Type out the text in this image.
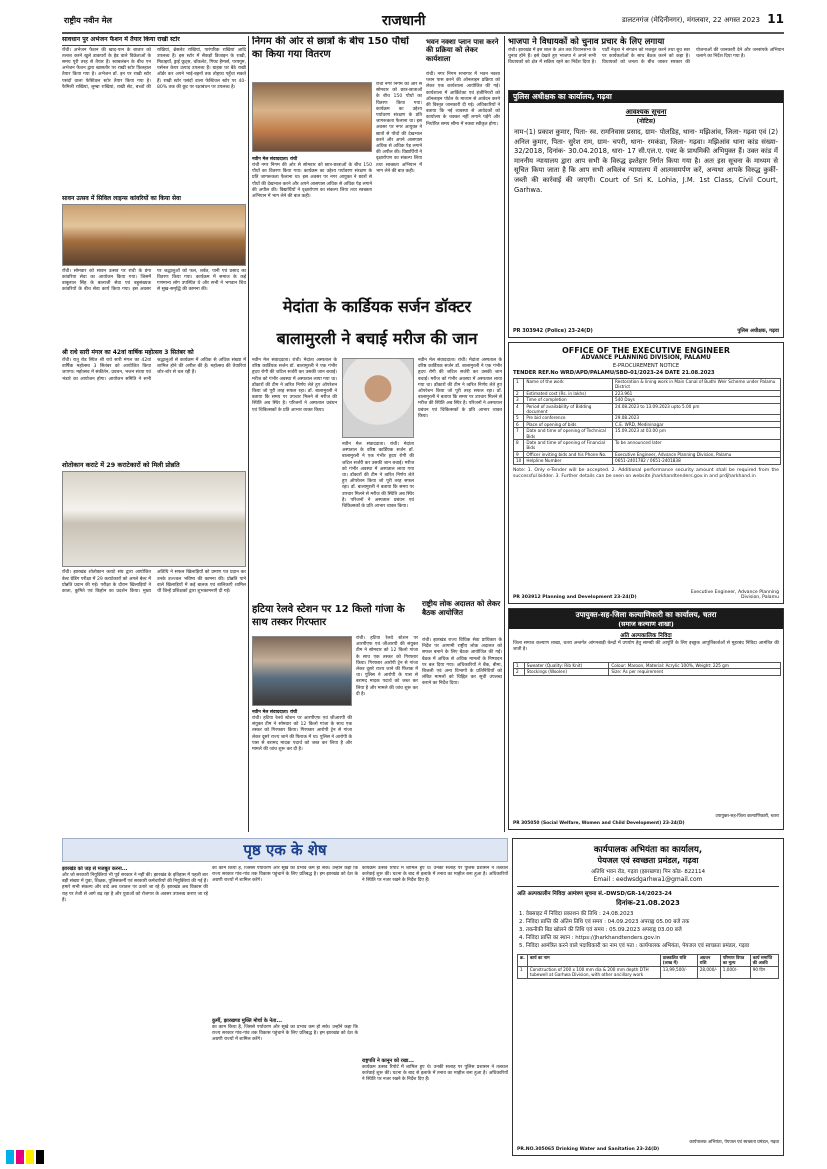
राष्ट्रीय नवीन मेल	राजधानी	डालटनगंज (मेदिनीनगर), मंगलवार, 22 अगस्त 2023 11
सावधान पुर अभेजन फैशन में तैयार किया राखी स्टोर
राँची। अभेजन फैशन की खाद-पान के बाजार को तलाश करने खुले डाकघरों के हेड वाले विक्रेताओं के समय पूरी तरह से तैयार हैं। स्वाबलंबन के बीच एन अभेजन फैशन द्वारा खासतौर पर राखी स्टोर फ़िलहाल तैयार किया गया है। अभेजन डॉ. इन पर राखी स्टोर पसंदों वाला फेस्टिवल स्टोर तैयार किया गया है। फैमिली राखियां, लुम्बा राखियां, राखी सेट, बच्चों की राखियां, ब्रेसलेट राखियां, पारंपरिक राखियां आदि उपलब्ध हैं। इस स्टोर में सैकड़ों डिजाइन के राखी, मिठाइयाँ, ड्राई फ्रूट्स, चॉकलेट, गिफ्ट हैम्पर्स, परफ्यूम, पर्सनल केयर उत्पाद उपलब्ध हैं। ग्राहक घर बैठे राखी ऑर्डर कर अपने भाई-बहनों तक तोहफ़ा पहुँचा सकते हैं। राखी स्टोर पसंदों वाला फेस्टिवल स्टोर पर 40-80% तक की छूट पर रक्षाबंधन पर उपलब्ध है।
सावन उत्सव में सिविल लाइन्स कांवरियों का किया सेवा
राँची। सोमवार को सावन उत्सव पर रांची के डंगा कांवरिया सेवा का आयोजन किया गया। जिसमें बाबूलाल सिंह के बालाजी सेवा एवं बहुसंख्यक कांवरियों के बीच सेवा कार्य किया गया। इस अवसर पर श्रद्धालुओं को फल, शर्बत, पानी एवं प्रसाद का वितरण किया गया। कार्यक्रम में समाज के कई गणमान्य लोग उपस्थित थे और सभी ने भगवान शिव से सुख-समृद्धि की कामना की।
श्री राधे सारी मंगल का 42वां वार्षिक महोत्सव 3 सितंबर को
राँची। रातू रोड स्थित श्री राधे सारी मंगल का 42वां वार्षिक महोत्सव 3 सितंबर को आयोजित किया जाएगा। महोत्सव में संकीर्तन, प्रवचन, भजन संध्या एवं भंडारे का आयोजन होगा। आयोजन समिति ने सभी श्रद्धालुओं से कार्यक्रम में अधिक से अधिक संख्या में शामिल होने की अपील की है। महोत्सव की तैयारियां जोर-शोर से चल रही हैं।
शोतोकान कराटे में 29 कराटेकारों को मिली प्रोन्नति
राँची। झारखंड शोतोकान कराटे संघ द्वारा आयोजित बेल्ट ग्रेडिंग परीक्षा में 29 कराटेकारों को अगले बेल्ट में प्रोन्नति प्रदान की गई। परीक्षा के दौरान खिलाड़ियों ने काता, कुमिते एवं किहोन का प्रदर्शन किया। मुख्य अतिथि ने सफल खिलाड़ियों को प्रमाण पत्र प्रदान कर उनके उज्ज्वल भविष्य की कामना की। प्रोन्नति पाने वाले खिलाड़ियों में कई बालक एवं बालिकाएँ शामिल थीं जिन्हें प्रशिक्षकों द्वारा शुभकामनाएँ दी गईं।
निगम की ओर से छात्रों के बीच 150 पौधों का किया गया वितरण
नवीन मेल संवाददाता। रांची
रांची नगर निगम की ओर से सोमवार को छात्र-छात्राओं के बीच 150 पौधों का वितरण किया गया। कार्यक्रम का उद्देश्य पर्यावरण संरक्षण के प्रति जागरूकता फैलाना था। इस अवसर पर नगर आयुक्त ने छात्रों से पौधों की देखभाल करने और अपने आसपास अधिक से अधिक पेड़ लगाने की अपील की। विद्यार्थियों ने वृक्षारोपण का संकल्प लिया तथा स्वच्छता अभियान में भाग लेने की बात कही।
रांची नगर निगम की ओर से सोमवार को छात्र-छात्राओं के बीच 150 पौधों का वितरण किया गया। कार्यक्रम का उद्देश्य पर्यावरण संरक्षण के प्रति जागरूकता फैलाना था। इस अवसर पर नगर आयुक्त ने छात्रों से पौधों की देखभाल करने और अपने आसपास अधिक से अधिक पेड़ लगाने की अपील की। विद्यार्थियों ने वृक्षारोपण का संकल्प लिया तथा स्वच्छता अभियान में भाग लेने की बात कही।
भवन नक्शा प्लान पास करने की प्रक्रिया को लेकर कार्यशाला
रांची। नगर निगम सभागार में भवन नक्शा प्लान पास करने की ऑनलाइन प्रक्रिया को लेकर एक कार्यशाला आयोजित की गई। कार्यशाला में आर्किटेक्ट एवं इंजीनियरों को ऑनलाइन पोर्टल के माध्यम से आवेदन करने की विस्तृत जानकारी दी गई। अधिकारियों ने बताया कि नई व्यवस्था से आवेदकों को कार्यालय के चक्कर नहीं लगाने पड़ेंगे और निर्धारित समय सीमा में नक्शा स्वीकृत होगा।
मेदांता के कार्डियक सर्जन डॉक्टर
बालामुरली ने बचाई मरीज की जान
नवीन मेल संवाददाता। रांची। मेदांता अस्पताल के वरिष्ठ कार्डियक सर्जन डॉ. बालामुरली ने एक गंभीर हृदय रोगी की जटिल सर्जरी कर उसकी जान बचाई। मरीज को गंभीर अवस्था में अस्पताल लाया गया था। डॉक्टरों की टीम ने त्वरित निर्णय लेते हुए ऑपरेशन किया जो पूरी तरह सफल रहा। डॉ. बालामुरली ने बताया कि समय पर उपचार मिलने से मरीज की स्थिति अब स्थिर है। परिजनों ने अस्पताल प्रबंधन एवं चिकित्सकों के प्रति आभार व्यक्त किया।
नवीन मेल संवाददाता। रांची। मेदांता अस्पताल के वरिष्ठ कार्डियक सर्जन डॉ. बालामुरली ने एक गंभीर हृदय रोगी की जटिल सर्जरी कर उसकी जान बचाई। मरीज को गंभीर अवस्था में अस्पताल लाया गया था। डॉक्टरों की टीम ने त्वरित निर्णय लेते हुए ऑपरेशन किया जो पूरी तरह सफल रहा। डॉ. बालामुरली ने बताया कि समय पर उपचार मिलने से मरीज की स्थिति अब स्थिर है। परिजनों ने अस्पताल प्रबंधन एवं चिकित्सकों के प्रति आभार व्यक्त किया।
नवीन मेल संवाददाता। रांची। मेदांता अस्पताल के वरिष्ठ कार्डियक सर्जन डॉ. बालामुरली ने एक गंभीर हृदय रोगी की जटिल सर्जरी कर उसकी जान बचाई। मरीज को गंभीर अवस्था में अस्पताल लाया गया था। डॉक्टरों की टीम ने त्वरित निर्णय लेते हुए ऑपरेशन किया जो पूरी तरह सफल रहा। डॉ. बालामुरली ने बताया कि समय पर उपचार मिलने से मरीज की स्थिति अब स्थिर है। परिजनों ने अस्पताल प्रबंधन एवं चिकित्सकों के प्रति आभार व्यक्त किया।
हटिया रेलवे स्टेशन पर 12 किलो गांजा के साथ तस्कर गिरफ्तार
नवीन मेल संवाददाता। रांची
रांची। हटिया रेलवे स्टेशन पर आरपीएफ एवं जीआरपी की संयुक्त टीम ने सोमवार को 12 किलो गांजा के साथ एक तस्कर को गिरफ्तार किया। गिरफ्तार आरोपी ट्रेन से गांजा लेकर दूसरे राज्य जाने की फिराक में था। पुलिस ने आरोपी के पास से बरामद मादक पदार्थ को जब्त कर लिया है और मामले की जांच शुरू कर दी है।
रांची। हटिया रेलवे स्टेशन पर आरपीएफ एवं जीआरपी की संयुक्त टीम ने सोमवार को 12 किलो गांजा के साथ एक तस्कर को गिरफ्तार किया। गिरफ्तार आरोपी ट्रेन से गांजा लेकर दूसरे राज्य जाने की फिराक में था। पुलिस ने आरोपी के पास से बरामद मादक पदार्थ को जब्त कर लिया है और मामले की जांच शुरू कर दी है।
राष्ट्रीय लोक अदालत को लेकर बैठक आयोजित
रांची। झारखंड राज्य विधिक सेवा प्राधिकार के निर्देश पर आगामी राष्ट्रीय लोक अदालत को सफल बनाने के लिए बैठक आयोजित की गई। बैठक में अधिक से अधिक मामलों के निष्पादन पर बल दिया गया। अधिकारियों ने बैंक, बीमा, बिजली एवं अन्य विभागों के प्रतिनिधियों को लंबित मामलों को चिह्नित कर सूची उपलब्ध कराने का निर्देश दिया।
भाजपा ने विधायकों को चुनाव प्रचार के लिए लगाया
रांची। झारखंड में इस साल के अंत तक विधानसभा के चुनाव होने हैं। इसे देखते हुए भाजपा ने अपने सभी विधायकों को क्षेत्र में सक्रिय रहने का निर्देश दिया है। पार्टी नेतृत्व ने संगठन को मजबूत करने तथा बूथ स्तर पर कार्यकर्ताओं के साथ बैठक करने को कहा है। विधायकों को जनता के बीच जाकर सरकार की योजनाओं की जानकारी देने और जनसंपर्क अभियान चलाने का निर्देश दिया गया है।
पुलिस अधीक्षक का कार्यालय, गढ़वा
आवश्यक सूचना
(नोटिस)
नाम-(1) प्रकाश कुमार, पिता- स्व. रामनिवास प्रसाद, ग्राम- पोलडिह, थाना- मझिआंव, जिला- गढ़वा एवं (2) अनिल कुमार, पिता- सुरेश राम, ग्राम- चपरी, थाना- रमकंडा, जिला- गढ़वा। मझिआंव थाना कांड संख्या- 32/2018, दिनांक- 30.04.2018, धारा- 17 सी.एल.ए. एक्ट के प्राथमिकी अभियुक्त हैं। उक्त कांड में माननीय न्यायालय द्वारा आप सभी के विरुद्ध इश्तेहार निर्गत किया गया है। अतः इस सूचना के माध्यम से सूचित किया जाता है कि आप सभी अविलंब न्यायालय में आत्मसमर्पण करें, अन्यथा आपके विरुद्ध कुर्की-जब्ती की कार्रवाई की जाएगी। Court of Sri K. Lohia, J.M. 1st Class, Civil Court, Garhwa.
PR 303942 (Police) 23-24(D)	पुलिस अधीक्षक, गढ़वा
OFFICE OF THE EXECUTIVE ENGINEER
ADVANCE PLANNING DIVISION, PALAMU
E-PROCUREMENT NOTICE
TENDER REF.No WRD/APD/PALAMU/SBD-01/2023-24 DATE 21.08.2023
1	Name of the work	Restoration & lining work in Main Canal of Budhi Weir Scheme under Palamu District
2	Estimated cost (Rs. in lakhs)	223.961
3	Time of completion	540 Days
4	Period of availability of Bidding document	24.08.2023 to 13.09.2023 upto 5.00 pm
5	Pre bid conference	29.08.2023
6	Place of opening of bids	C.E. WRD, Medininagar
7	Date and time of opening of Technical Bids	15.09.2023 at 03.00 pm
8	Date and time of opening of Financial Bids	To be announced later
9	Officer inviting bids and his Phone No.	Executive Engineer, Advance Planning Division, Palamu
10	Helpline Number	0651-2401782 / 0651-2401838
Note: 1. Only e-Tender will be accepted. 2. Additional performance security amount shall be required from the successful bidder. 3. Further details can be seen on website jharkhandtenders.gov.in and prdjharkhand.in
PR 303912 Planning and Development 23-24(D)
Executive Engineer, Advance Planning Division, Palamu
उपायुक्त-सह-जिला कल्याणिकारी का कार्यालय, चतरा
(समाज कल्याण शाखा)
अति अल्पकालिक निविदा
जिला समाज कल्याण शाखा, चतरा अन्तर्गत आंगनबाड़ी केन्द्रों में उपयोग हेतु सामग्री की आपूर्ति के लिए इच्छुक आपूर्तिकर्ताओं से मुहरबंद निविदा आमंत्रित की जाती है।
1	Sweater (Quality: Rib Knit)	Colour: Maroon, Material: Acrylic 100%, Weight: 225 gm
2	Stockings (Woolen)	Size: As per requirement
PR 305050 (Social Welfare, Women and Child Development) 23-24(D)
उपायुक्त-सह-जिला कल्याणिकारी, चतरा
पृष्ठ एक के शेष
झारखंड को जड़ से मजबूत करना...
और जो सरकारी नियुक्तियां भी पूर्व सरकार ने नहीं की। झारखंड के इतिहास में पहली बार बड़ी संख्या में युवा, शिक्षक, पुलिसकर्मी एवं सरकारी कर्मचारियों की नियुक्तियां की गई हैं। हमारे सभी संकल्प और वादे अब धरातल पर उतारे जा रहे हैं। झारखंड अब विकास की राह पर तेजी से आगे बढ़ रहा है और युवाओं को रोजगार के अवसर उपलब्ध कराए जा रहे हैं।
का काम किया है, जिससे पर्यावरण और सूखे का प्रभाव कम हो सके। उन्होंने कहा कि राज्य सरकार गांव-गांव तक विकास पहुंचाने के लिए प्रतिबद्ध है। हम झारखंड को देश के अग्रणी राज्यों में शामिल करेंगे।
कुर्मी, झारखण्ड मुक्ति मोर्चा के नेता...
का काम किया है, जिससे पर्यावरण और सूखे का प्रभाव कम हो सके। उन्होंने कहा कि राज्य सरकार गांव-गांव तक विकास पहुंचाने के लिए प्रतिबद्ध है। हम झारखंड को देश के अग्रणी राज्यों में शामिल करेंगे।
कार्यक्रम उत्सव रिपोर्ट में शामिल हुए थे। उनकी सलाह पर पुलिस प्रशासन ने तत्काल कार्रवाई शुरू की। घटना के बाद से इलाके में तनाव का माहौल बना हुआ है। अधिकारियों ने स्थिति पर नजर रखने के निर्देश दिए हैं।
राष्ट्रपति ने कानून को रखा...
कार्यक्रम उत्सव रिपोर्ट में शामिल हुए थे। उनकी सलाह पर पुलिस प्रशासन ने तत्काल कार्रवाई शुरू की। घटना के बाद से इलाके में तनाव का माहौल बना हुआ है। अधिकारियों ने स्थिति पर नजर रखने के निर्देश दिए हैं।
कार्यपालक अभियंता का कार्यालय,
पेयजल एवं स्वच्छता प्रमंडल, गढ़वा
अतिथि भवन रोड, गढ़वा (झारखण्ड) पिन कोड- 822114
Email : eedwsdgarhwa1@gmail.com
अति अल्पकालीन निविदा आमंत्रण सूचना सं.-DWSD/GR-14/2023-24
दिनांक-21.08.2023
1. वेबसाइट में निविदा प्रकाशन की तिथि : 24.08.2023
2. निविदा प्राप्ति की अंतिम तिथि एवं समय : 04.09.2023 अपराह्न 05.00 बजे तक
3. तकनीकी बिड खोलने की तिथि एवं समय : 05.09.2023 अपराह्न 03.00 बजे
4. निविदा प्राप्ति का स्थान : https://jharkhandtenders.gov.in
5. निविदा आमंत्रित करने वाले पदाधिकारी का नाम एवं पता : कार्यपालक अभियंता, पेयजल एवं स्वच्छता प्रमंडल, गढ़वा
क्र.	कार्य का नाम	प्राक्कलित राशि (लाख में)	अग्रधन राशि	परिमाण विपत्र का मूल्य	कार्य समाप्ति की अवधि
1	Construction of 200 x 100 mm dia & 200 mm depth DTH tubewell at Garhwa Division, with other ancillary work	13,99,500/-	28,000/-	1,000/-	90 दिन
PR.NO.305065 Drinking Water and Sanitation 23-24(D)
कार्यपालक अभियंता, पेयजल एवं स्वच्छता प्रमंडल, गढ़वा
